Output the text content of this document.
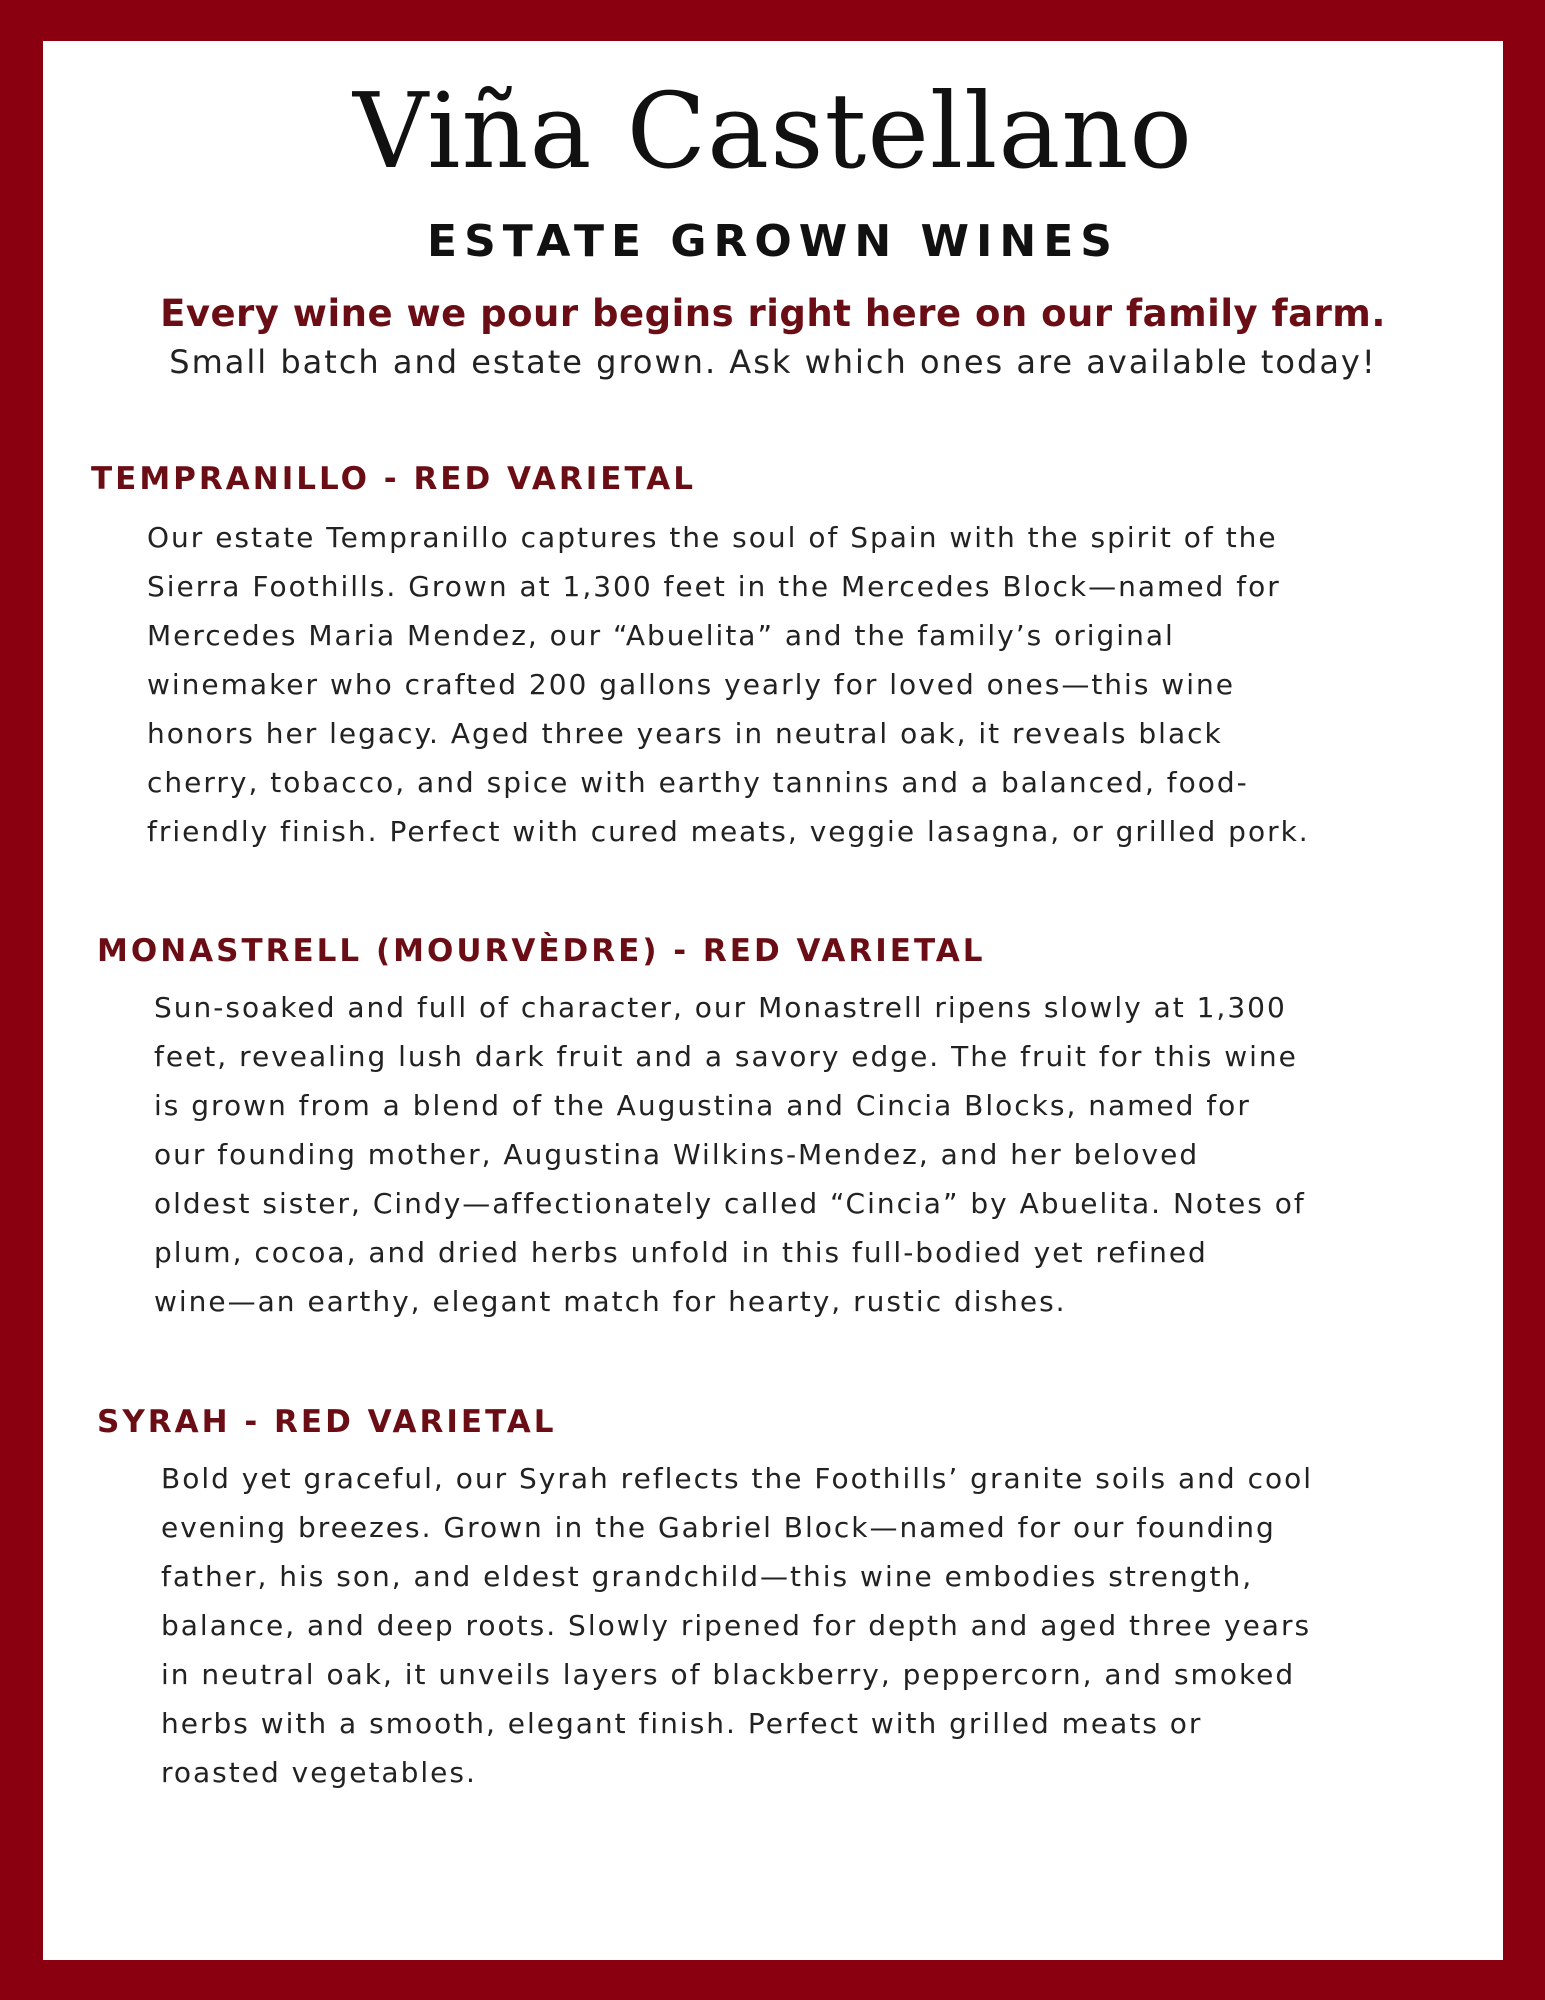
Viña Castellano
ESTATE GROWN WINES
Every wine we pour begins right here on our family farm.
Small batch and estate grown. Ask which ones are available today!
TEMPRANILLO - RED VARIETAL
Our estate Tempranillo captures the soul of Spain with the spirit of the
Sierra Foothills. Grown at 1,300 feet in the Mercedes Block—named for
Mercedes Maria Mendez, our “Abuelita” and the family’s original
winemaker who crafted 200 gallons yearly for loved ones—this wine
honors her legacy. Aged three years in neutral oak, it reveals black
cherry, tobacco, and spice with earthy tannins and a balanced, food-
friendly finish. Perfect with cured meats, veggie lasagna, or grilled pork.
MONASTRELL (MOURVÈDRE) - RED VARIETAL
Sun-soaked and full of character, our Monastrell ripens slowly at 1,300
feet, revealing lush dark fruit and a savory edge. The fruit for this wine
is grown from a blend of the Augustina and Cincia Blocks, named for
our founding mother, Augustina Wilkins-Mendez, and her beloved
oldest sister, Cindy—affectionately called “Cincia” by Abuelita. Notes of
plum, cocoa, and dried herbs unfold in this full-bodied yet refined
wine—an earthy, elegant match for hearty, rustic dishes.
SYRAH - RED VARIETAL
Bold yet graceful, our Syrah reflects the Foothills’ granite soils and cool
evening breezes. Grown in the Gabriel Block—named for our founding
father, his son, and eldest grandchild—this wine embodies strength,
balance, and deep roots. Slowly ripened for depth and aged three years
in neutral oak, it unveils layers of blackberry, peppercorn, and smoked
herbs with a smooth, elegant finish. Perfect with grilled meats or
roasted vegetables.
